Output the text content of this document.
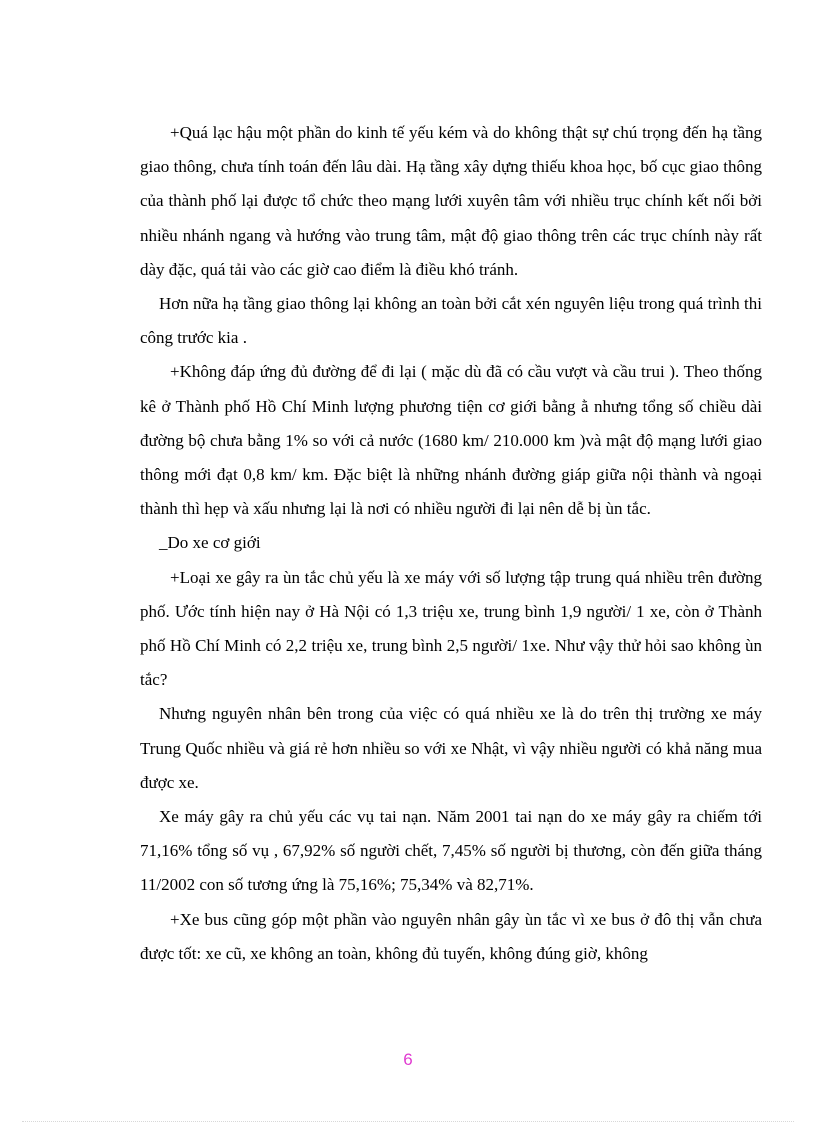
+Quá lạc hậu một phần do kinh tế yếu kém và do không thật sự chú trọng đến hạ tầng giao thông, chưa tính toán đến lâu dài. Hạ tầng xây dựng thiếu khoa học, bố cục giao thông của thành phố lại được tổ chức theo mạng lưới xuyên tâm với nhiều trục chính kết nối bởi nhiều nhánh ngang và hướng vào trung tâm, mật độ giao thông trên các trục chính này rất dày đặc, quá tải vào các giờ cao điểm là điều khó tránh.

Hơn nữa hạ tầng giao thông lại không an toàn bởi cắt xén nguyên liệu trong quá trình thi công trước kia .

+Không đáp ứng đủ đường để đi lại ( mặc dù đã có cầu vượt và cầu trui ). Theo thống kê ở Thành phố Hồ Chí Minh lượng phương tiện cơ giới bằng ằ nhưng tổng số chiều dài đường bộ chưa bằng 1% so với cả nước (1680 km/ 210.000 km )và mật độ mạng lưới giao thông mới đạt 0,8 km/ km. Đặc biệt là những nhánh đường giáp giữa nội thành và ngoại thành thì hẹp và xấu nhưng lại là nơi có nhiều người đi lại nên dễ bị ùn tắc.

_Do xe cơ giới

+Loại xe gây ra ùn tắc chủ yếu là xe máy với số lượng tập trung quá nhiều trên đường phố. Ước tính hiện nay ở Hà Nội có 1,3 triệu xe, trung bình 1,9 người/ 1 xe, còn ở Thành phố Hồ Chí Minh có 2,2 triệu xe, trung bình 2,5 người/ 1xe. Như vậy thử hỏi sao không ùn tắc?

Nhưng nguyên nhân bên trong của việc có quá nhiều xe là do trên thị trường xe máy Trung Quốc nhiều và giá rẻ hơn nhiều so với xe Nhật, vì vậy nhiều người có khả năng mua được xe.

Xe máy gây ra chủ yếu các vụ tai nạn. Năm 2001 tai nạn do xe máy gây ra chiếm tới 71,16% tổng số vụ , 67,92% số người chết, 7,45% số người bị thương, còn đến giữa tháng 11/2002 con số tương ứng là 75,16%; 75,34% và 82,71%.

+Xe bus cũng góp một phần vào nguyên nhân gây ùn tắc vì xe bus ở đô thị vẫn chưa được tốt: xe cũ, xe không an toàn, không đủ tuyến, không đúng giờ, không

6
